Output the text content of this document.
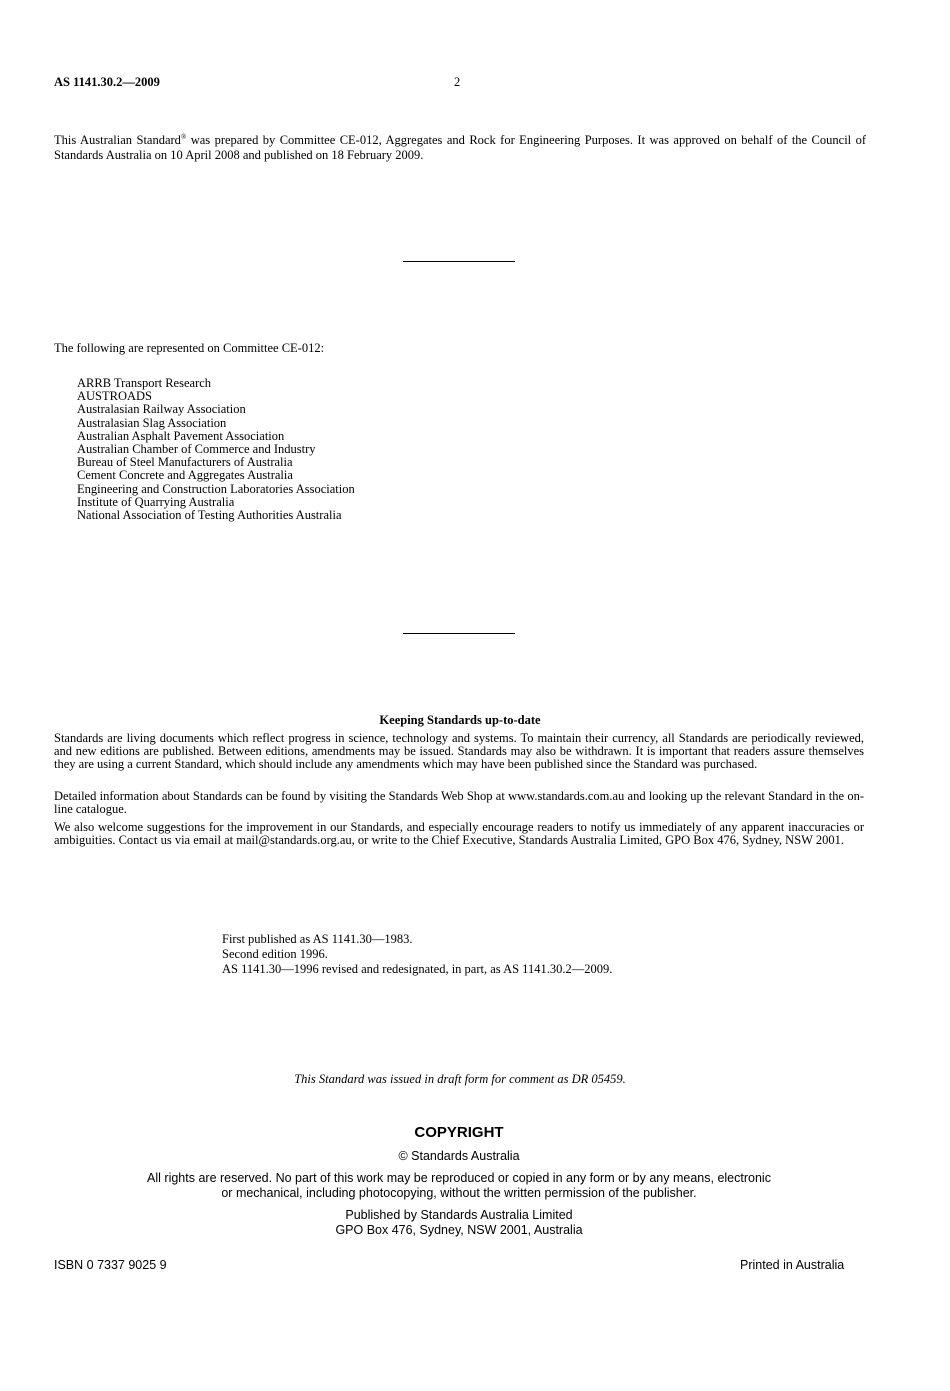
AS 1141.30.2—2009	2

This Australian Standard® was prepared by Committee CE-012, Aggregates and Rock for Engineering Purposes. It was approved on behalf of the Council of Standards Australia on 10 April 2008 and published on 18 February 2009.

The following are represented on Committee CE-012:
ARRB Transport Research
AUSTROADS
Australasian Railway Association
Australasian Slag Association
Australian Asphalt Pavement Association
Australian Chamber of Commerce and Industry
Bureau of Steel Manufacturers of Australia
Cement Concrete and Aggregates Australia
Engineering and Construction Laboratories Association
Institute of Quarrying Australia
National Association of Testing Authorities Australia
Keeping Standards up-to-date

Standards are living documents which reflect progress in science, technology and systems. To maintain their currency, all Standards are periodically reviewed, and new editions are published. Between editions, amendments may be issued. Standards may also be withdrawn. It is important that readers assure themselves they are using a current Standard, which should include any amendments which may have been published since the Standard was purchased.

Detailed information about Standards can be found by visiting the Standards Web Shop at www.standards.com.au and looking up the relevant Standard in the on-line catalogue.

We also welcome suggestions for the improvement in our Standards, and especially encourage readers to notify us immediately of any apparent inaccuracies or ambiguities. Contact us via email at mail@standards.org.au, or write to the Chief Executive, Standards Australia Limited, GPO Box 476, Sydney, NSW 2001.

First published as AS 1141.30—1983.
Second edition 1996.
AS 1141.30—1996 revised and redesignated, in part, as AS 1141.30.2—2009.
This Standard was issued in draft form for comment as DR 05459.
COPYRIGHT
© Standards Australia
All rights are reserved. No part of this work may be reproduced or copied in any form or by any means, electronic
or mechanical, including photocopying, without the written permission of the publisher.
Published by Standards Australia Limited
GPO Box 476, Sydney, NSW 2001, Australia
ISBN 0 7337 9025 9	Printed in Australia
